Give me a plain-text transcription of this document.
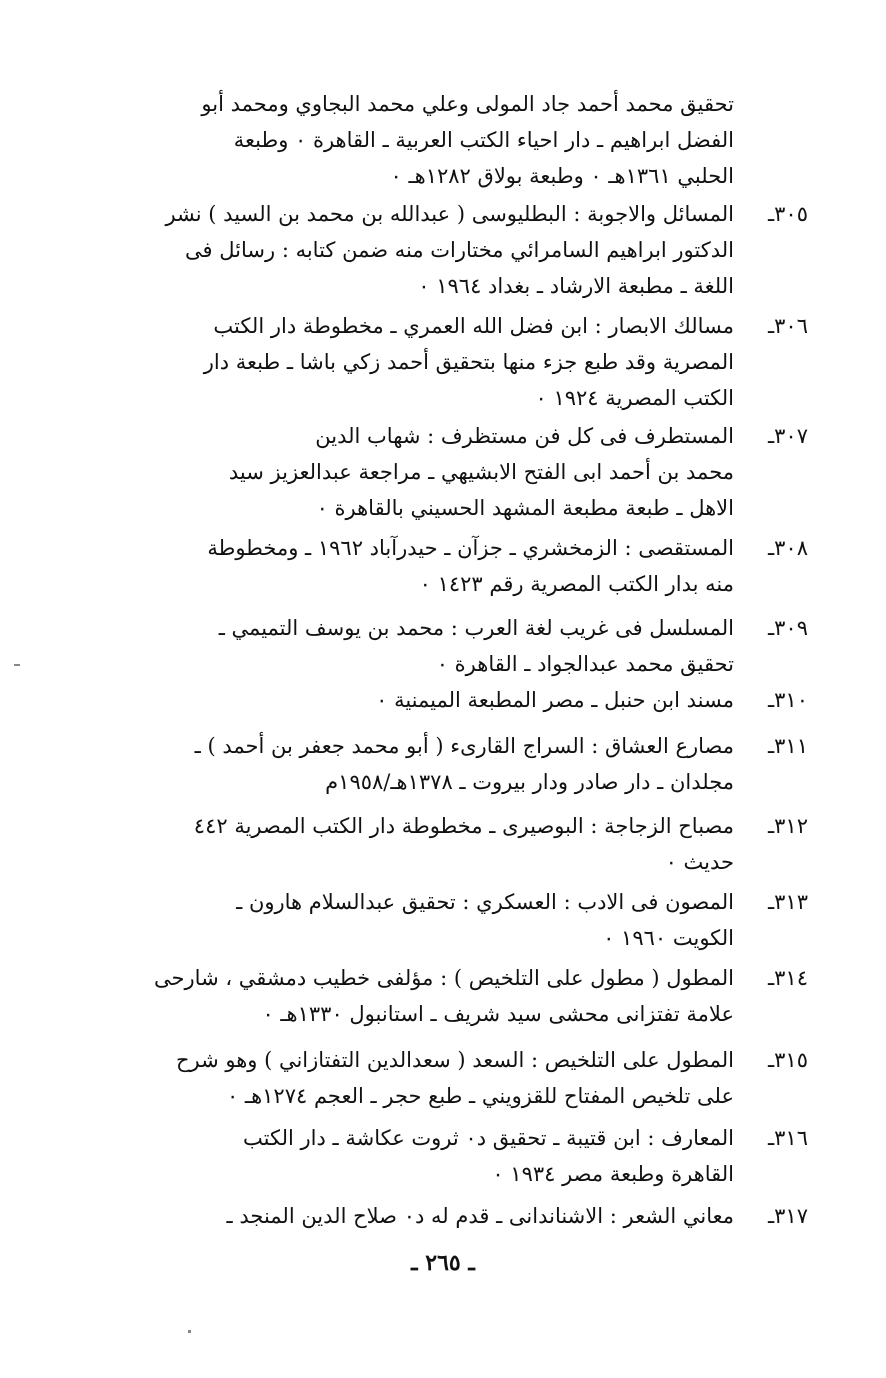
تحقيق محمد أحمد جاد المولى وعلي محمد البجاوي ومحمد أبو
الفضل ابراهيم ـ دار احياء الكتب العربية ـ القاهرة ٠ وطبعة
الحلبي ١٣٦١هـ ٠ وطبعة بولاق ١٢٨٢هـ ٠
٣٠٥ـ
المسائل والاجوبة : البطليوسى ( عبدالله بن محمد بن السيد ) نشر
الدكتور ابراهيم السامرائي مختارات منه ضمن كتابه : رسائل فى
اللغة ـ مطبعة الارشاد ـ بغداد ١٩٦٤ ٠
٣٠٦ـ
مسالك الابصار : ابن فضل الله العمري ـ مخطوطة دار الكتب
المصرية وقد طبع جزء منها بتحقيق أحمد زكي باشا ـ طبعة دار
الكتب المصرية ١٩٢٤ ٠
٣٠٧ـ
المستطرف فى كل فن مستظرف : شهاب الدين
محمد بن أحمد ابى الفتح الابشيهي ـ مراجعة عبدالعزيز سيد
الاهل ـ طبعة مطبعة المشهد الحسيني بالقاهرة ٠
٣٠٨ـ
المستقصى : الزمخشري ـ جزآن ـ حيدرآباد ١٩٦٢ ـ ومخطوطة
منه بدار الكتب المصرية رقم ١٤٢٣ ٠
٣٠٩ـ
المسلسل فى غريب لغة العرب : محمد بن يوسف التميمي ـ
تحقيق محمد عبدالجواد ـ القاهرة ٠
٣١٠ـ
مسند ابن حنبل ـ مصر المطبعة الميمنية ٠
٣١١ـ
مصارع العشاق : السراج القارىء ( أبو محمد جعفر بن أحمد ) ـ
مجلدان ـ دار صادر ودار بيروت ـ ١٣٧٨هـ/١٩٥٨م
٣١٢ـ
مصباح الزجاجة : البوصيرى ـ مخطوطة دار الكتب المصرية ٤٤٢
حديث ٠
٣١٣ـ
المصون فى الادب : العسكري : تحقيق عبدالسلام هارون ـ
الكويت ١٩٦٠ ٠
٣١٤ـ
المطول ( مطول على التلخيص ) : مؤلفى خطيب دمشقي ، شارحى
علامة تفتزانى محشى سيد شريف ـ استانبول ١٣٣٠هـ ٠
٣١٥ـ
المطول على التلخيص : السعد ( سعدالدين التفتازاني ) وهو شرح
على تلخيص المفتاح للقزويني ـ طبع حجر ـ العجم ١٢٧٤هـ ٠
٣١٦ـ
المعارف : ابن قتيبة ـ تحقيق د٠ ثروت عكاشة ـ دار الكتب
القاهرة وطبعة مصر ١٩٣٤ ٠
٣١٧ـ
معاني الشعر : الاشناندانى ـ قدم له د٠ صلاح الدين المنجد ـ
ـ ٢٦٥ ـ
